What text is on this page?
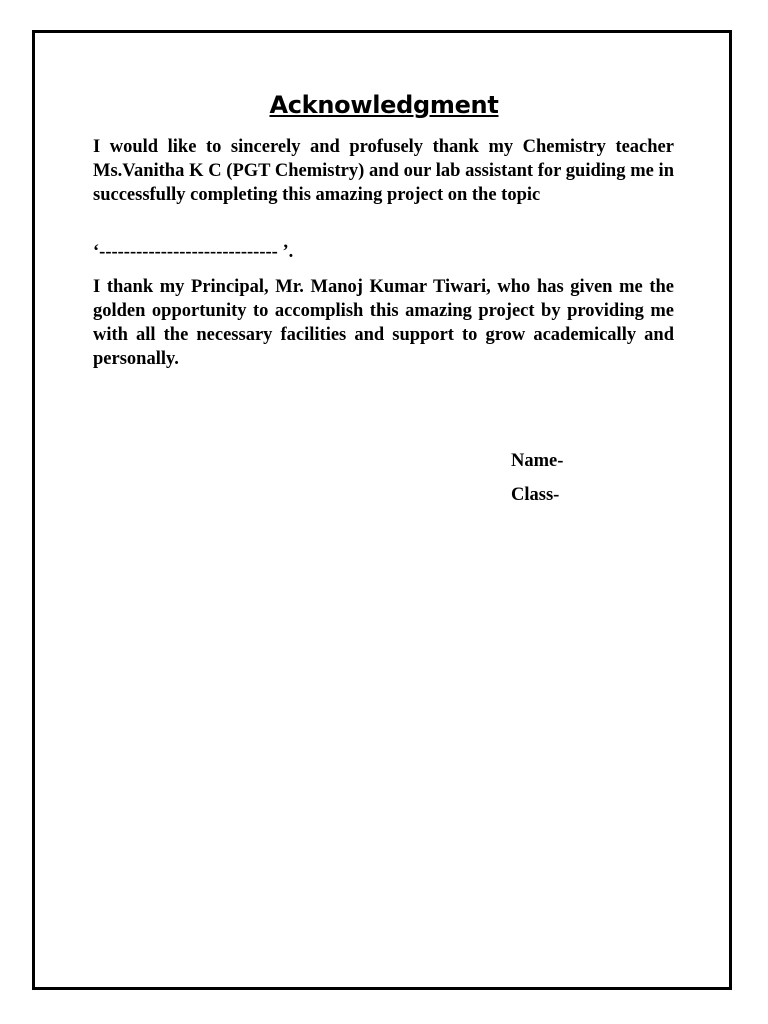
Acknowledgment

I would like to sincerely and profusely thank my Chemistry teacher Ms.Vanitha K C (PGT Chemistry) and our lab assistant for guiding me in successfully completing this amazing project on the topic

‘----------------------------- ’.

I thank my Principal, Mr. Manoj Kumar Tiwari, who has given me the golden opportunity to accomplish this amazing project by providing me with all the necessary facilities and support to grow academically and personally.

Name-

Class-
